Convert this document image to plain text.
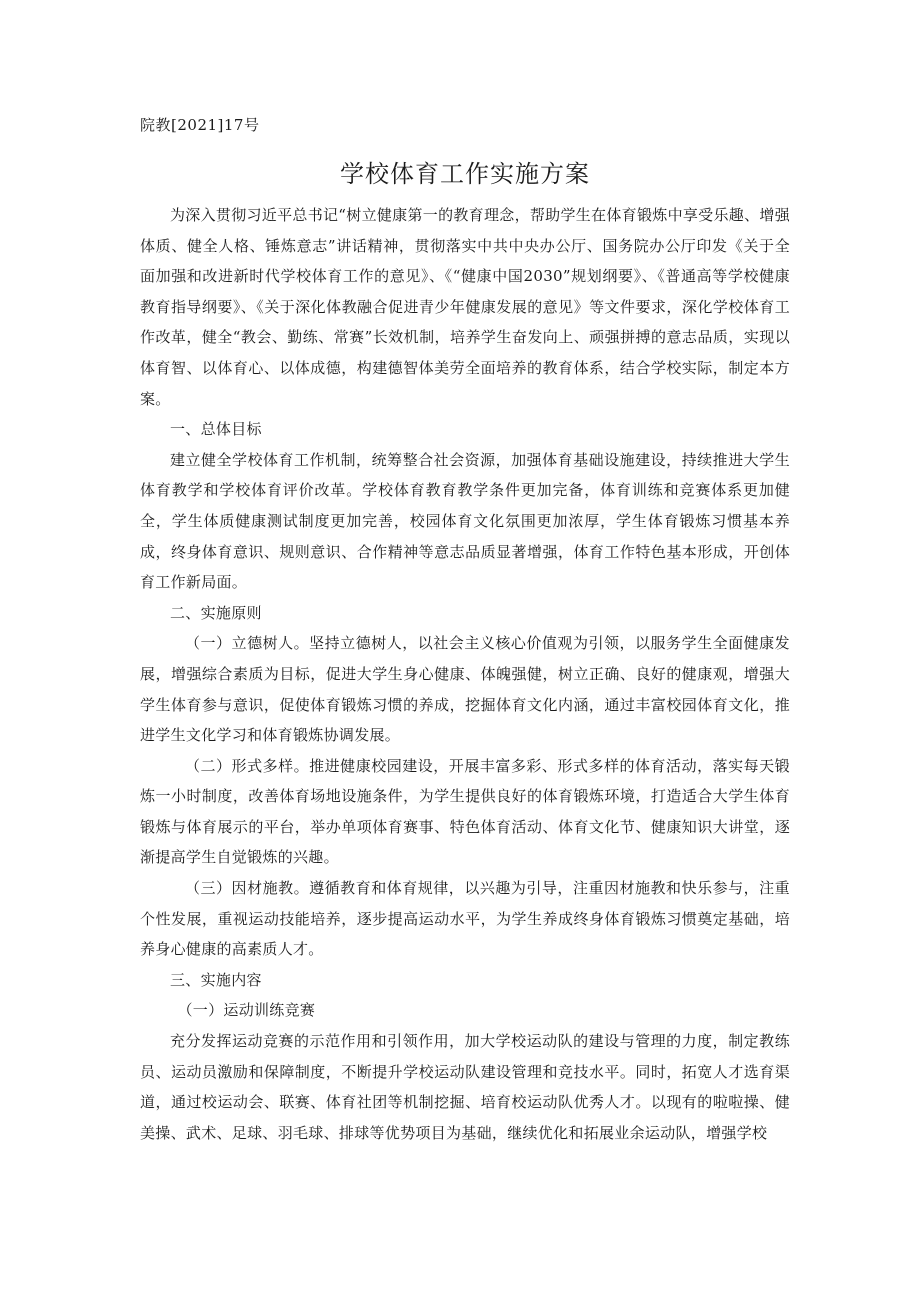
院教[2021]17号
学校体育工作实施方案

为深入贯彻习近平总书记“树立健康第一的教育理念，帮助学生在体育锻炼中享受乐趣、增强体质、健全人格、锤炼意志”讲话精神，贯彻落实中共中央办公厅、国务院办公厅印发《关于全面加强和改进新时代学校体育工作的意见》、《“健康中国2030”规划纲要》、《普通高等学校健康教育指导纲要》、《关于深化体教融合促进青少年健康发展的意见》等文件要求，深化学校体育工作改革，健全“教会、勤练、常赛”长效机制，培养学生奋发向上、顽强拼搏的意志品质，实现以体育智、以体育心、以体成德，构建德智体美劳全面培养的教育体系，结合学校实际，制定本方案。

一、总体目标

建立健全学校体育工作机制，统筹整合社会资源，加强体育基础设施建设，持续推进大学生体育教学和学校体育评价改革。学校体育教育教学条件更加完备，体育训练和竞赛体系更加健全，学生体质健康测试制度更加完善，校园体育文化氛围更加浓厚，学生体育锻炼习惯基本养成，终身体育意识、规则意识、合作精神等意志品质显著增强，体育工作特色基本形成，开创体育工作新局面。

二、实施原则

（一）立德树人。坚持立德树人，以社会主义核心价值观为引领，以服务学生全面健康发展，增强综合素质为目标，促进大学生身心健康、体魄强健，树立正确、良好的健康观，增强大学生体育参与意识，促使体育锻炼习惯的养成，挖掘体育文化内涵，通过丰富校园体育文化，推进学生文化学习和体育锻炼协调发展。

（二）形式多样。推进健康校园建设，开展丰富多彩、形式多样的体育活动，落实每天锻炼一小时制度，改善体育场地设施条件，为学生提供良好的体育锻炼环境，打造适合大学生体育锻炼与体育展示的平台，举办单项体育赛事、特色体育活动、体育文化节、健康知识大讲堂，逐渐提高学生自觉锻炼的兴趣。

（三）因材施教。遵循教育和体育规律，以兴趣为引导，注重因材施教和快乐参与，注重个性发展，重视运动技能培养，逐步提高运动水平，为学生养成终身体育锻炼习惯奠定基础，培养身心健康的高素质人才。

三、实施内容

（一）运动训练竞赛

充分发挥运动竞赛的示范作用和引领作用，加大学校运动队的建设与管理的力度，制定教练员、运动员激励和保障制度，不断提升学校运动队建设管理和竞技水平。同时，拓宽人才选育渠道，通过校运动会、联赛、体育社团等机制挖掘、培育校运动队优秀人才。以现有的啦啦操、健美操、武术、足球、羽毛球、排球等优势项目为基础，继续优化和拓展业余运动队，增强学校
